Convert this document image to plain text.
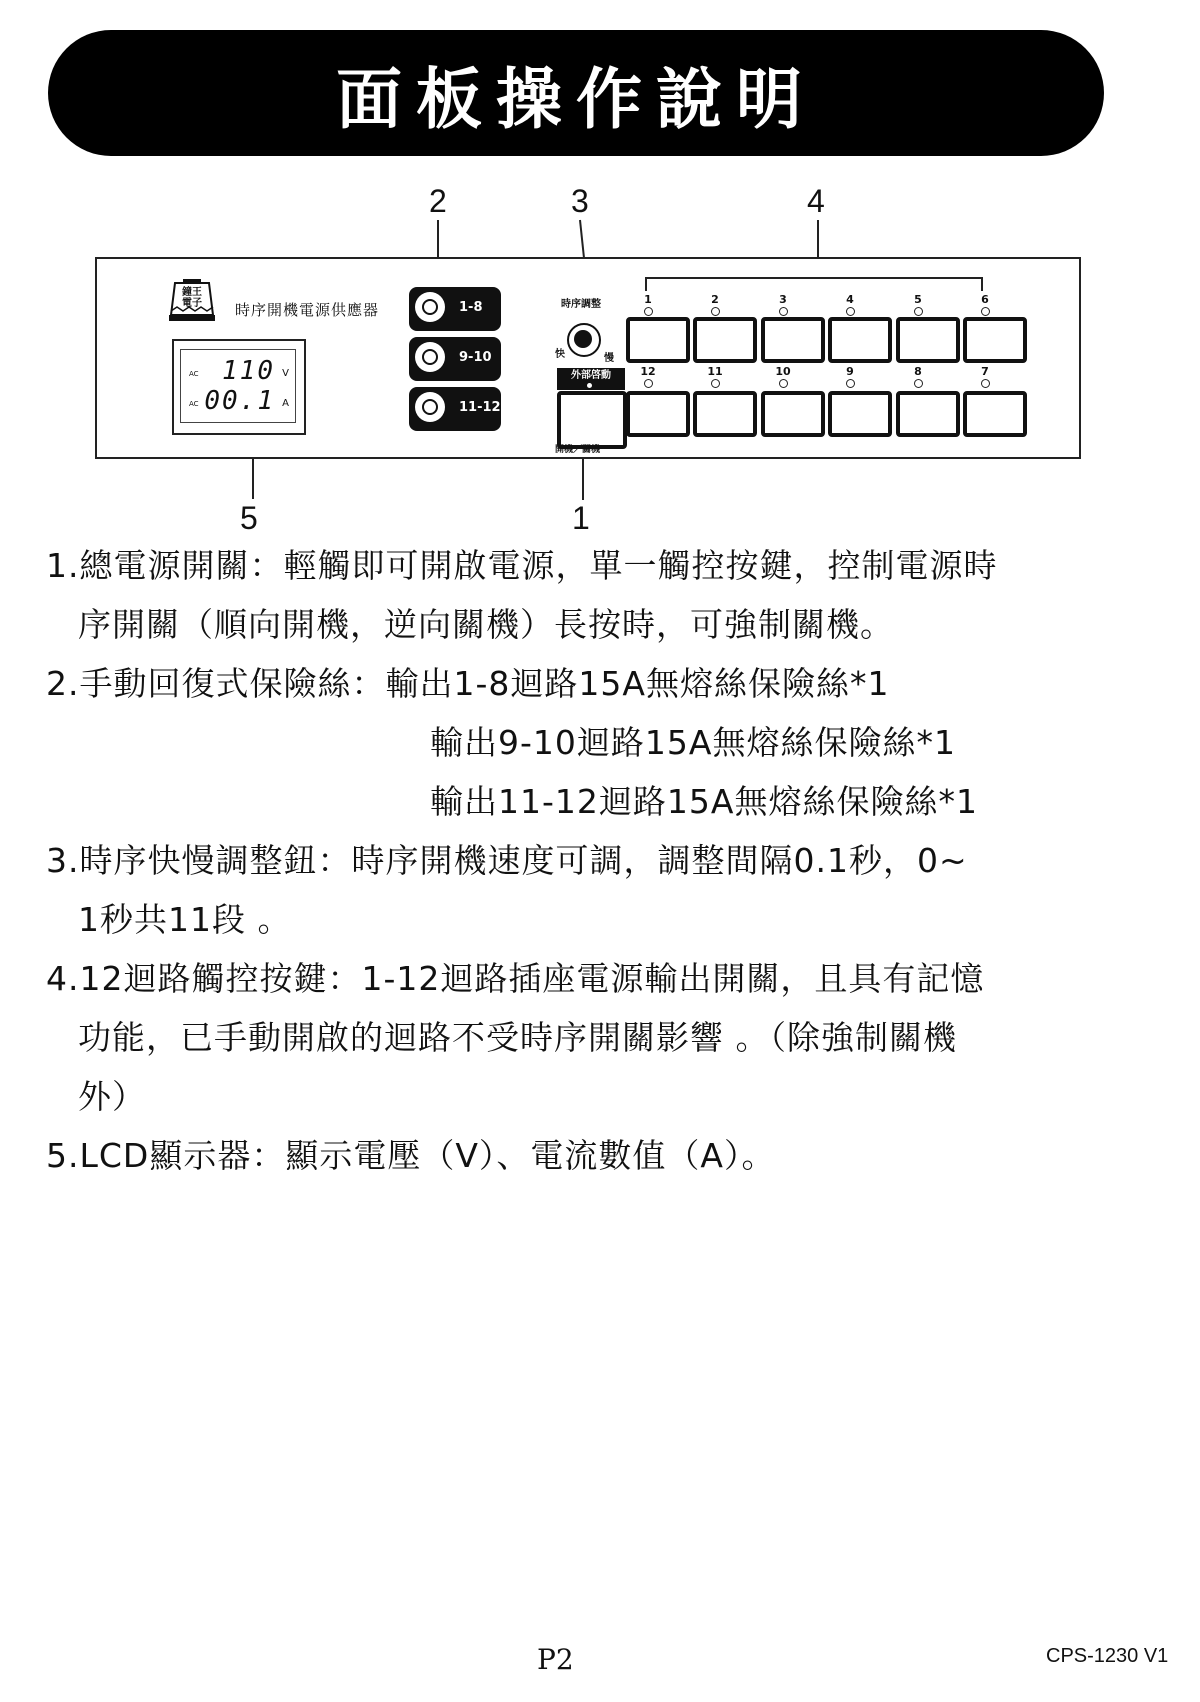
面板操作說明
2	3	4
5	1
鐘王
電子	時序開機電源供應器
AC 110 V
AC 00.1 A
1-8
9-10
11-12
時序調整
快	慢
外部啓動
開機／關機
1	2	3	4	5	6
12	11	10	9	8	7
1.總電源開關：輕觸即可開啟電源，單一觸控按鍵，控制電源時
序開關（順向開機，逆向關機）長按時，可強制關機。
2.手動回復式保險絲：輸出1-8迴路15A無熔絲保險絲*1
輸出9-10迴路15A無熔絲保險絲*1
輸出11-12迴路15A無熔絲保險絲*1
3.時序快慢調整鈕：時序開機速度可調，調整間隔0.1秒，0~
1秒共11段 。
4.12迴路觸控按鍵：1-12迴路插座電源輸出開關，且具有記憶
功能，已手動開啟的迴路不受時序開關影響 。（除強制關機
外）
5.LCD顯示器：顯示電壓（V）、電流數值（A）。
P2	CPS-1230 V1
